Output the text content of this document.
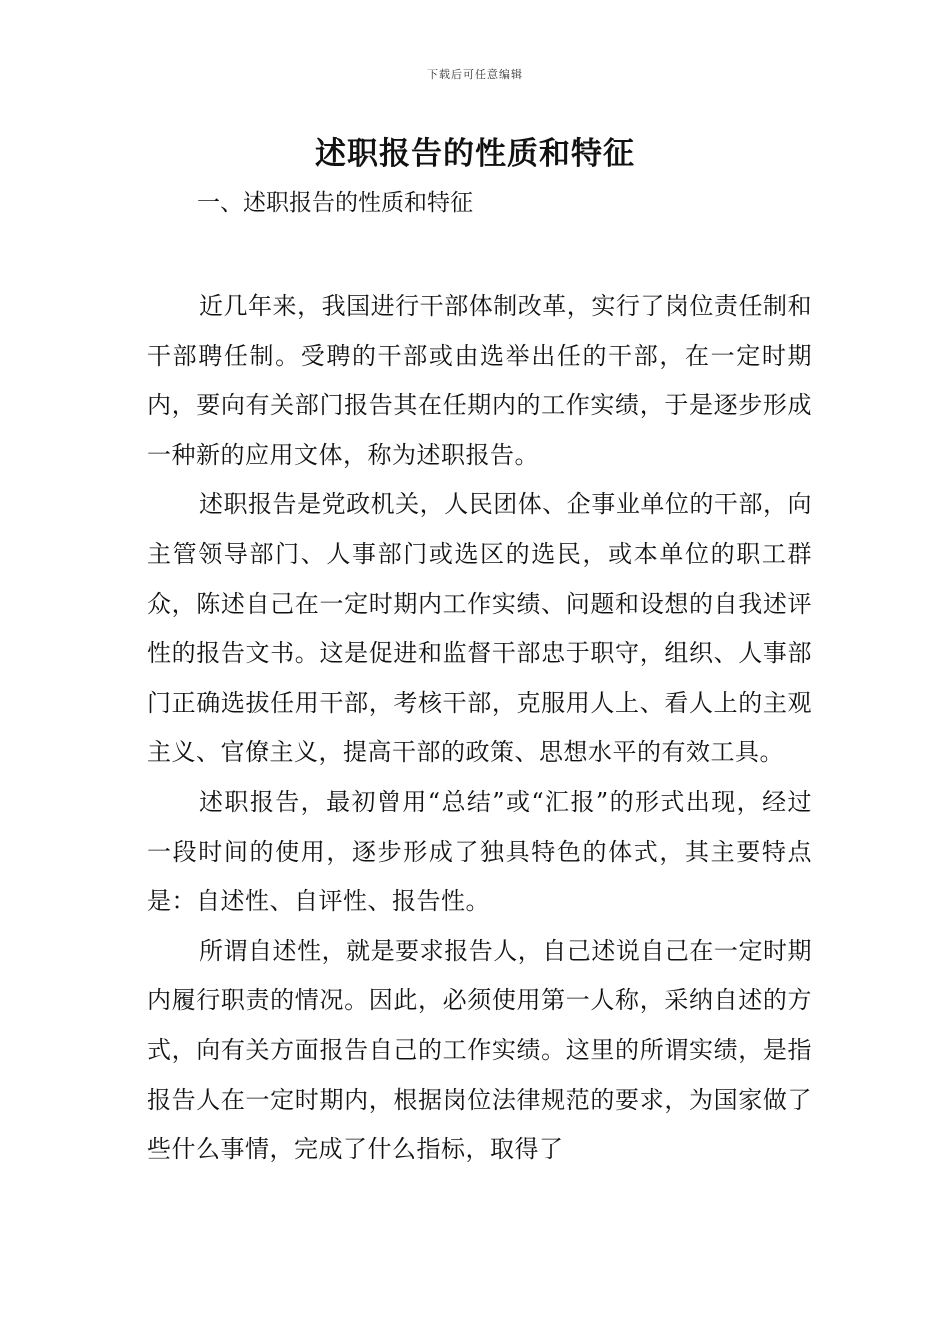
下载后可任意编辑
述职报告的性质和特征
一、述职报告的性质和特征

近几年来，我国进行干部体制改革，实行了岗位责任制和干部聘任制。受聘的干部或由选举出任的干部，在一定时期内，要向有关部门报告其在任期内的工作实绩，于是逐步形成一种新的应用文体，称为述职报告。

述职报告是党政机关，人民团体、企事业单位的干部，向主管领导部门、人事部门或选区的选民，或本单位的职工群众，陈述自己在一定时期内工作实绩、问题和设想的自我述评性的报告文书。这是促进和监督干部忠于职守，组织、人事部门正确选拔任用干部，考核干部，克服用人上、看人上的主观主义、官僚主义，提高干部的政策、思想水平的有效工具。

述职报告，最初曾用“总结”或“汇报”的形式出现，经过一段时间的使用，逐步形成了独具特色的体式，其主要特点是：自述性、自评性、报告性。

所谓自述性，就是要求报告人，自己述说自己在一定时期内履行职责的情况。因此，必须使用第一人称，采纳自述的方式，向有关方面报告自己的工作实绩。这里的所谓实绩，是指报告人在一定时期内，根据岗位法律规范的要求，为国家做了些什么事情，完成了什么指标，取得了
